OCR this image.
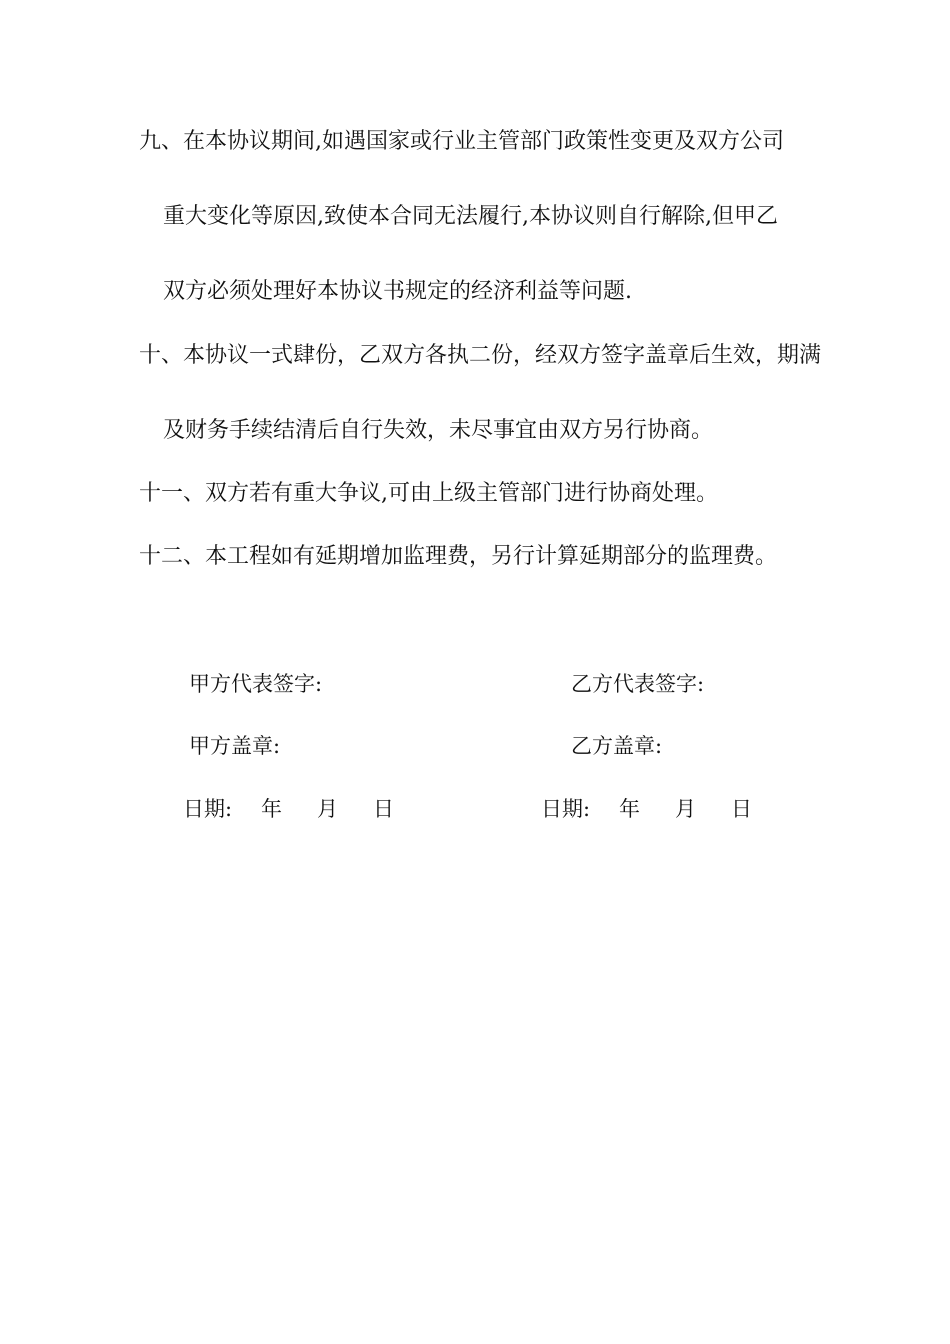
九、在本协议期间,如遇国家或行业主管部门政策性变更及双方公司
重大变化等原因,致使本合同无法履行,本协议则自行解除,但甲乙
双方必须处理好本协议书规定的经济利益等问题.
十、本协议一式肆份，乙双方各执二份，经双方签字盖章后生效，期满
及财务手续结清后自行失效，未尽事宜由双方另行协商。
十一、双方若有重大争议,可由上级主管部门进行协商处理。
十二、本工程如有延期增加监理费，另行计算延期部分的监理费。
甲方代表签字:
甲方盖章:
日期: 年 月 日
乙方代表签字:
乙方盖章:
日期: 年 月 日
